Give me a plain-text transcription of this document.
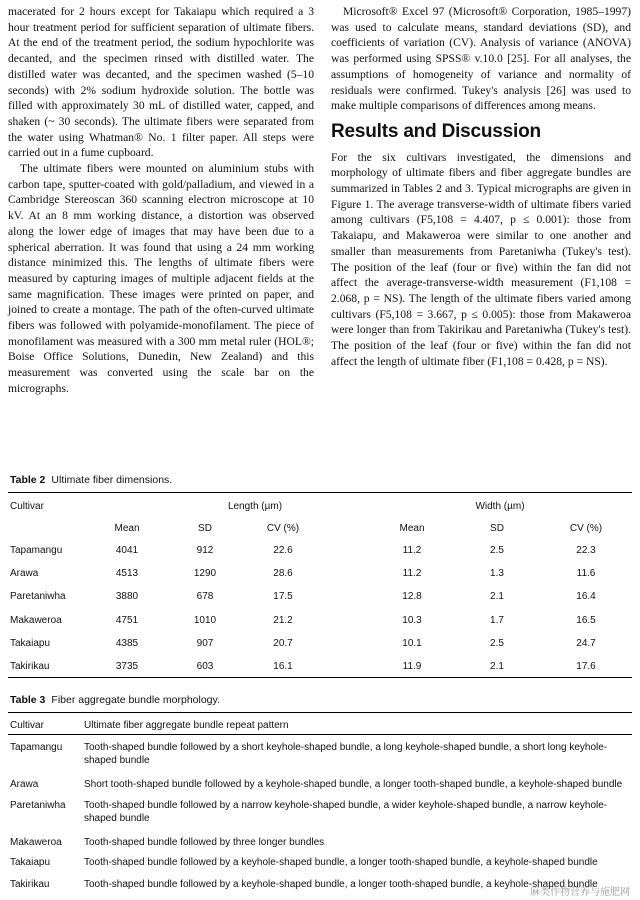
macerated for 2 hours except for Takaiapu which required a 3 hour treatment period for sufficient separation of ultimate fibers. At the end of the treatment period, the sodium hypochlorite was decanted, and the specimen rinsed with distilled water. The distilled water was decanted, and the specimen washed (5–10 seconds) with 2% sodium hydroxide solution. The bottle was filled with approximately 30 mL of distilled water, capped, and shaken (~ 30 seconds). The ultimate fibers were separated from the water using Whatman® No. 1 filter paper. All steps were carried out in a fume cupboard.

The ultimate fibers were mounted on aluminium stubs with carbon tape, sputter-coated with gold/palladium, and viewed in a Cambridge Stereoscan 360 scanning electron microscope at 10 kV. At an 8 mm working distance, a distortion was observed along the lower edge of images that may have been due to a spherical aberration. It was found that using a 24 mm working distance minimized this. The lengths of ultimate fibers were measured by capturing images of multiple adjacent fields at the same magnification. These images were printed on paper, and joined to create a montage. The path of the often-curved ultimate fibers was followed with polyamide-monofilament. The piece of monofilament was measured with a 300 mm metal ruler (HOL®; Boise Office Solutions, Dunedin, New Zealand) and this measurement was converted using the scale bar on the micrographs.

Microsoft® Excel 97 (Microsoft® Corporation, 1985–1997) was used to calculate means, standard deviations (SD), and coefficients of variation (CV). Analysis of variance (ANOVA) was performed using SPSS® v.10.0 [25]. For all analyses, the assumptions of homogeneity of variance and normality of residuals were confirmed. Tukey's analysis [26] was used to make multiple comparisons of differences among means.

Results and Discussion

For the six cultivars investigated, the dimensions and morphology of ultimate fibers and fiber aggregate bundles are summarized in Tables 2 and 3. Typical micrographs are given in Figure 1. The average transverse-width of ultimate fibers varied among cultivars (F5,108 = 4.407, p ≤ 0.001): those from Takaiapu, and Makaweroa were similar to one another and smaller than measurements from Paretaniwha (Tukey's test). The position of the leaf (four or five) within the fan did not affect the average-transverse-width measurement (F1,108 = 2.068, p = NS). The length of the ultimate fibers varied among cultivars (F5,108 = 3.667, p ≤ 0.005): those from Makaweroa were longer than from Takirikau and Paretaniwha (Tukey's test). The position of the leaf (four or five) within the fan did not affect the length of ultimate fiber (F1,108 = 0.428, p = NS).

Table 2 Ultimate fiber dimensions.
Cultivar	Length (µm)	Width (µm)
Mean	SD	CV (%)	Mean	SD	CV (%)
Tapamangu	4041	912	22.6	11.2	2.5	22.3
Arawa	4513	1290	28.6	11.2	1.3	11.6
Paretaniwha	3880	678	17.5	12.8	2.1	16.4
Makaweroa	4751	1010	21.2	10.3	1.7	16.5
Takaiapu	4385	907	20.7	10.1	2.5	24.7
Takirikau	3735	603	16.1	11.9	2.1	17.6
Table 3 Fiber aggregate bundle morphology.
Cultivar	Ultimate fiber aggregate bundle repeat pattern
Tapamangu	Tooth-shaped bundle followed by a short keyhole-shaped bundle, a long keyhole-shaped bundle, a short long keyhole-shaped bundle
Arawa	Short tooth-shaped bundle followed by a keyhole-shaped bundle, a longer tooth-shaped bundle, a keyhole-shaped bundle
Paretaniwha	Tooth-shaped bundle followed by a narrow keyhole-shaped bundle, a wider keyhole-shaped bundle, a narrow keyhole-shaped bundle
Makaweroa	Tooth-shaped bundle followed by three longer bundles
Takaiapu	Tooth-shaped bundle followed by a keyhole-shaped bundle, a longer tooth-shaped bundle, a keyhole-shaped bundle
Takirikau	Tooth-shaped bundle followed by a keyhole-shaped bundle, a longer tooth-shaped bundle, a keyhole-shaped bundle
麻类作物营养与施肥网
